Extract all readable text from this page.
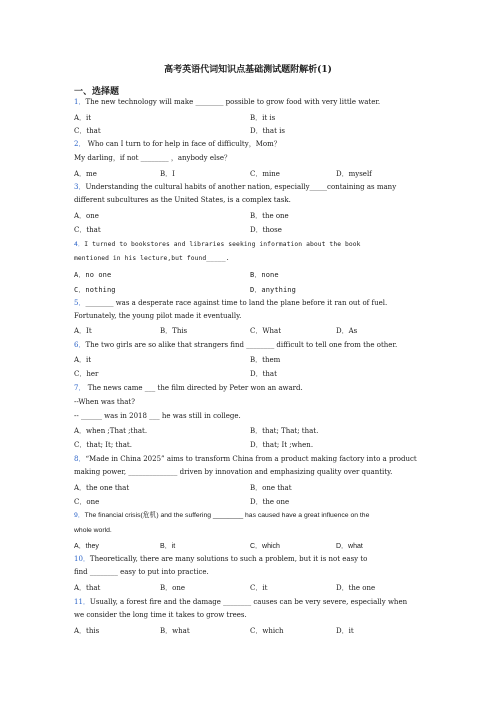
高考英语代词知识点基础测试题附解析(1)
一、选择题
1．The new technology will make ________ possible to grow food with very little water.
A．it	B．it is
C．that	D．that is
2． Who can I turn to for help in face of difficulty，Mom？
My darling，if not ________ ，anybody else？
A．me	B．I	C．mine	D．myself
3．Understanding the cultural habits of another nation, especially_____containing as many
different subcultures as the United States, is a complex task.
A．one	B．the one
C．that	D．those
4．I turned to bookstores and libraries seeking information about the book
mentioned in his lecture,but found_____.
A．no one	B．none
C．nothing	D．anything
5．________ was a desperate race against time to land the plane before it ran out of fuel.
Fortunately, the young pilot made it eventually.
A．It	B．This	C．What	D．As
6．The two girls are so alike that strangers find ________ difficult to tell one from the other.
A．it	B．them
C．her	D．that
7． The news came ___ the film directed by Peter won an award.
--When was that?
-- ______ was in 2018 ___ he was still in college.
A．when ;That ;that.	B．that; That; that.
C．that; It; that.	D．that; It ;when.
8．“Made in China 2025” aims to transform China from a product making factory into a product
making power, ______________ driven by innovation and emphasizing quality over quantity.
A．the one that	B．one that
C．one	D．the one
9．The financial crisis(危机) and the suffering ________ has caused have a great influence on the
whole world.
A．they	B．it	C．which	D．what
10．Theoretically, there are many solutions to such a problem, but it is not easy to
find ________ easy to put into practice.
A．that	B．one	C．it	D．the one
11．Usually, a forest fire and the damage ________ causes can be very severe, especially when
we consider the long time it takes to grow trees.
A．this	B．what	C．which	D．it
